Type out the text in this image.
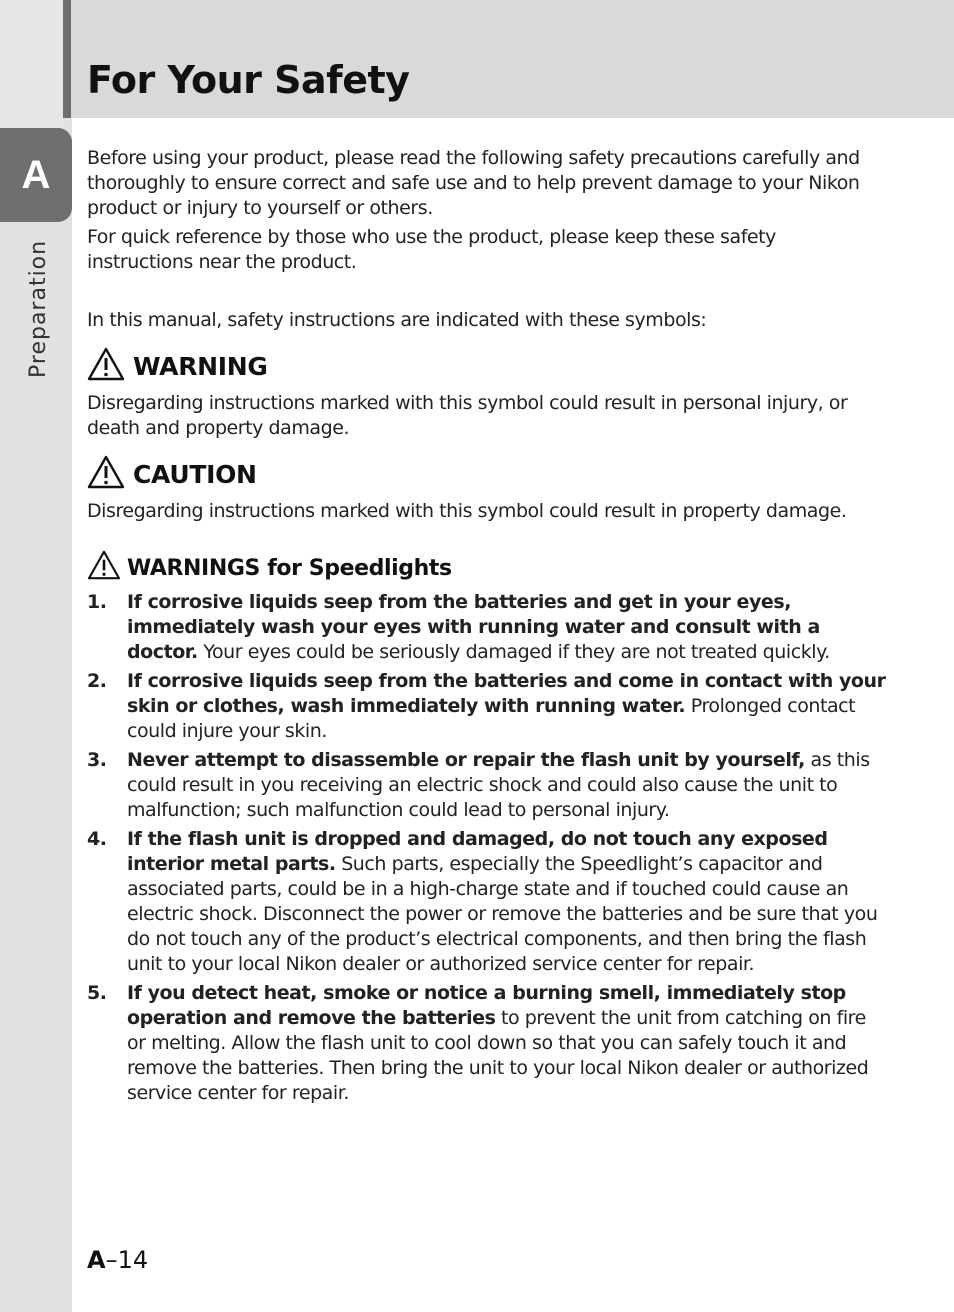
For Your Safety
A
Preparation

Before using your product, please read the following safety precautions carefully and thoroughly to ensure correct and safe use and to help prevent damage to your Nikon product or injury to yourself or others.

For quick reference by those who use the product, please keep these safety instructions near the product.

In this manual, safety instructions are indicated with these symbols:

WARNING

Disregarding instructions marked with this symbol could result in personal injury, or death and property damage.

CAUTION

Disregarding instructions marked with this symbol could result in property damage.

WARNINGS for Speedlights
1. If corrosive liquids seep from the batteries and get in your eyes, immediately wash your eyes with running water and consult with a doctor. Your eyes could be seriously damaged if they are not treated quickly.
2. If corrosive liquids seep from the batteries and come in contact with your skin or clothes, wash immediately with running water. Prolonged contact could injure your skin.
3. Never attempt to disassemble or repair the flash unit by yourself, as this could result in you receiving an electric shock and could also cause the unit to malfunction; such malfunction could lead to personal injury.
4. If the flash unit is dropped and damaged, do not touch any exposed interior metal parts. Such parts, especially the Speedlight’s capacitor and associated parts, could be in a high-charge state and if touched could cause an electric shock. Disconnect the power or remove the batteries and be sure that you do not touch any of the product’s electrical components, and then bring the flash unit to your local Nikon dealer or authorized service center for repair.
5. If you detect heat, smoke or notice a burning smell, immediately stop operation and remove the batteries to prevent the unit from catching on fire or melting. Allow the flash unit to cool down so that you can safely touch it and remove the batteries. Then bring the unit to your local Nikon dealer or authorized service center for repair.
A–14
